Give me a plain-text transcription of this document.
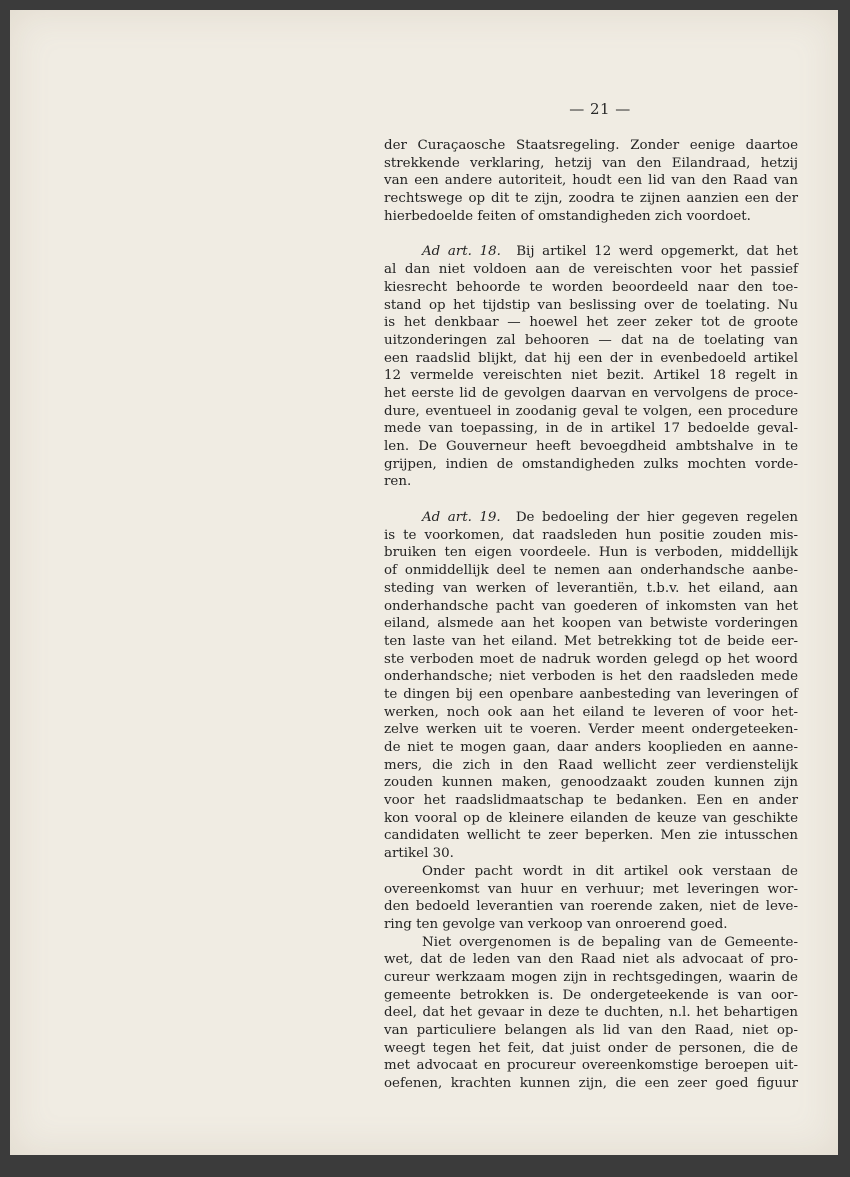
— 21 —
der Curaçaosche Staatsregeling. Zonder eenige daartoe
strekkende verklaring, hetzij van den Eilandraad, hetzij
van een andere autoriteit, houdt een lid van den Raad van
rechtswege op dit te zijn, zoodra te zijnen aanzien een der
hierbedoelde feiten of omstandigheden zich voordoet.
Ad art. 18. Bij artikel 12 werd opgemerkt, dat het
al dan niet voldoen aan de vereischten voor het passief
kiesrecht behoorde te worden beoordeeld naar den toe-
stand op het tijdstip van beslissing over de toelating. Nu
is het denkbaar — hoewel het zeer zeker tot de groote
uitzonderingen zal behooren — dat na de toelating van
een raadslid blijkt, dat hij een der in evenbedoeld artikel
12 vermelde vereischten niet bezit. Artikel 18 regelt in
het eerste lid de gevolgen daarvan en vervolgens de proce-
dure, eventueel in zoodanig geval te volgen, een procedure
mede van toepassing, in de in artikel 17 bedoelde geval-
len. De Gouverneur heeft bevoegdheid ambtshalve in te
grijpen, indien de omstandigheden zulks mochten vorde-
ren.
Ad art. 19. De bedoeling der hier gegeven regelen
is te voorkomen, dat raadsleden hun positie zouden mis-
bruiken ten eigen voordeele. Hun is verboden, middellijk
of onmiddellijk deel te nemen aan onderhandsche aanbe-
steding van werken of leverantiën, t.b.v. het eiland, aan
onderhandsche pacht van goederen of inkomsten van het
eiland, alsmede aan het koopen van betwiste vorderingen
ten laste van het eiland. Met betrekking tot de beide eer-
ste verboden moet de nadruk worden gelegd op het woord
onderhandsche; niet verboden is het den raadsleden mede
te dingen bij een openbare aanbesteding van leveringen of
werken, noch ook aan het eiland te leveren of voor het-
zelve werken uit te voeren. Verder meent ondergeteeken-
de niet te mogen gaan, daar anders kooplieden en aanne-
mers, die zich in den Raad wellicht zeer verdienstelijk
zouden kunnen maken, genoodzaakt zouden kunnen zijn
voor het raadslidmaatschap te bedanken. Een en ander
kon vooral op de kleinere eilanden de keuze van geschikte
candidaten wellicht te zeer beperken. Men zie intusschen
artikel 30.
Onder pacht wordt in dit artikel ook verstaan de
overeenkomst van huur en verhuur; met leveringen wor-
den bedoeld leverantien van roerende zaken, niet de leve-
ring ten gevolge van verkoop van onroerend goed.
Niet overgenomen is de bepaling van de Gemeente-
wet, dat de leden van den Raad niet als advocaat of pro-
cureur werkzaam mogen zijn in rechtsgedingen, waarin de
gemeente betrokken is. De ondergeteekende is van oor-
deel, dat het gevaar in deze te duchten, n.l. het behartigen
van particuliere belangen als lid van den Raad, niet op-
weegt tegen het feit, dat juist onder de personen, die de
met advocaat en procureur overeenkomstige beroepen uit-
oefenen, krachten kunnen zijn, die een zeer goed figuur
